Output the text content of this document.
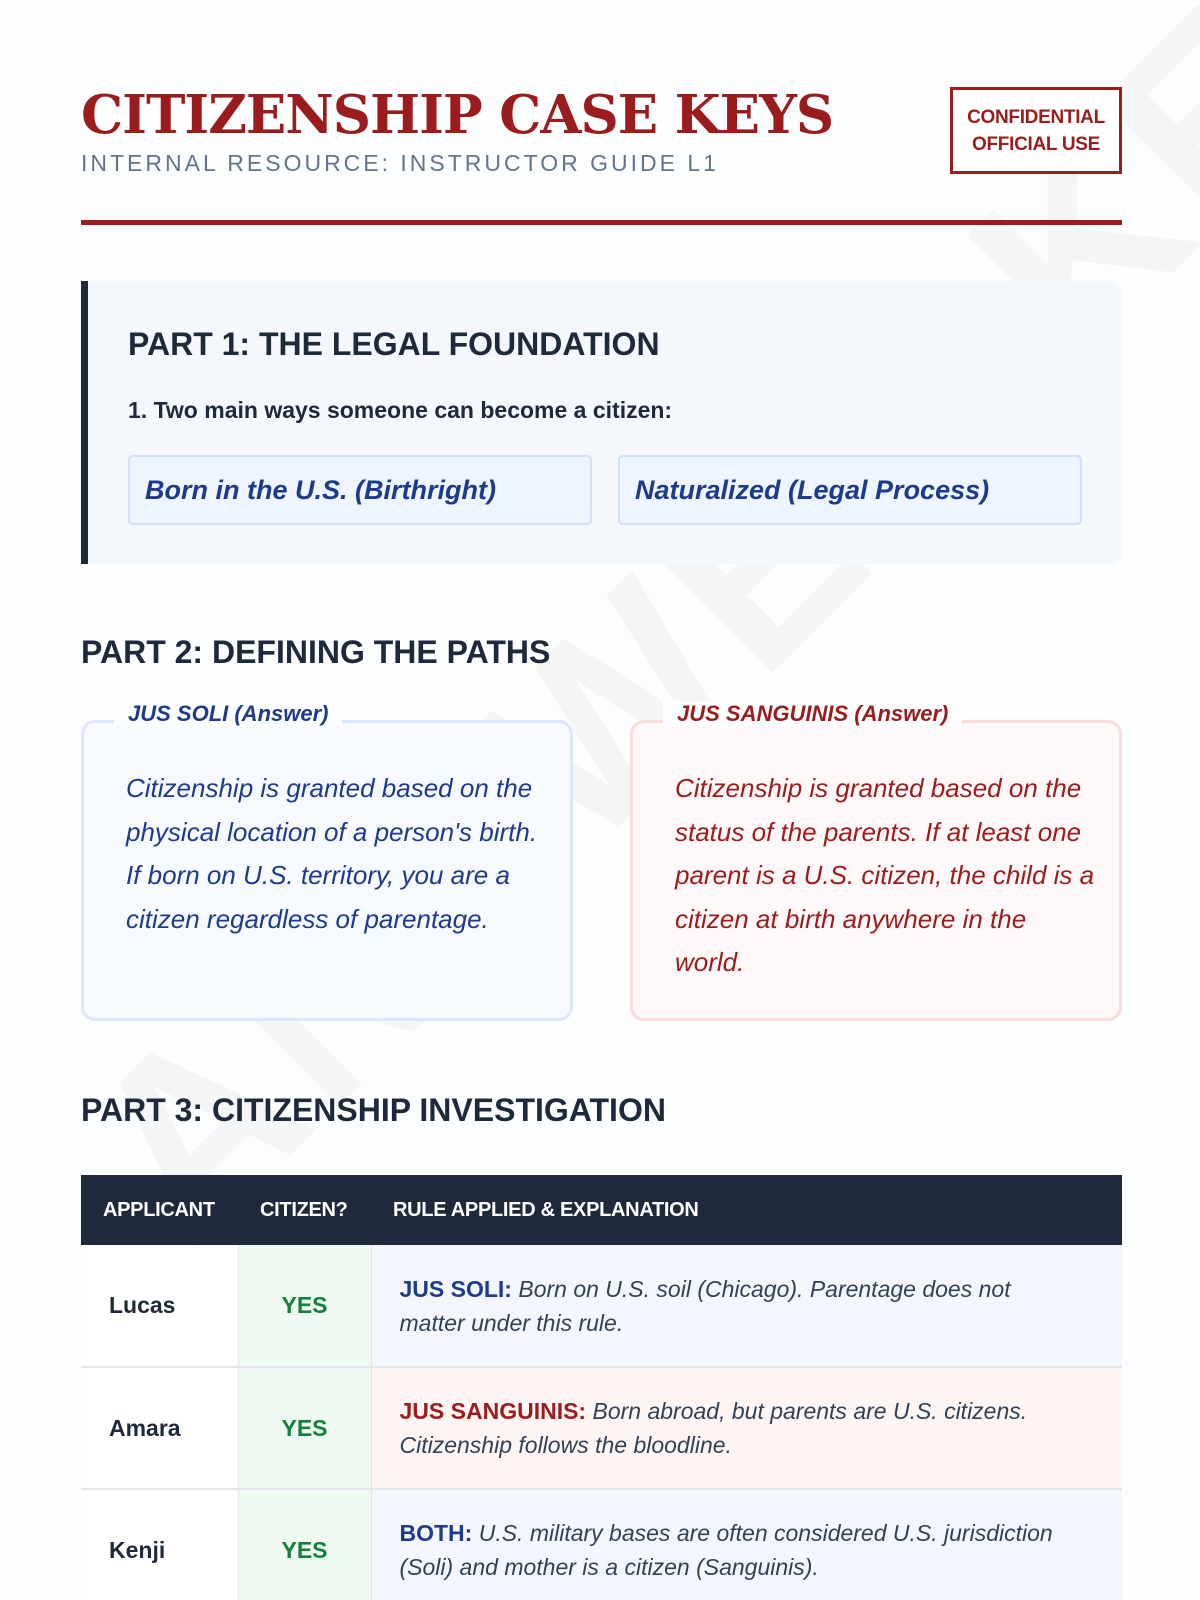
CITIZENSHIP CASE KEYS
INTERNAL RESOURCE: INSTRUCTOR GUIDE L1
CONFIDENTIAL
OFFICIAL USE
PART 1: THE LEGAL FOUNDATION
1. Two main ways someone can become a citizen:
Born in the U.S. (Birthright)	Naturalized (Legal Process)
PART 2: DEFINING THE PATHS
JUS SOLI (Answer)
Citizenship is granted based on the physical location of a person's birth. If born on U.S. territory, you are a citizen regardless of parentage.
JUS SANGUINIS (Answer)
Citizenship is granted based on the status of the parents. If at least one parent is a U.S. citizen, the child is a citizen at birth anywhere in the world.
PART 3: CITIZENSHIP INVESTIGATION
APPLICANT	CITIZEN?	RULE APPLIED & EXPLANATION
Lucas	YES	JUS SOLI: Born on U.S. soil (Chicago). Parentage does not matter under this rule.
Amara	YES	JUS SANGUINIS: Born abroad, but parents are U.S. citizens. Citizenship follows the bloodline.
Kenji	YES	BOTH: U.S. military bases are often considered U.S. jurisdiction (Soli) and mother is a citizen (Sanguinis).
